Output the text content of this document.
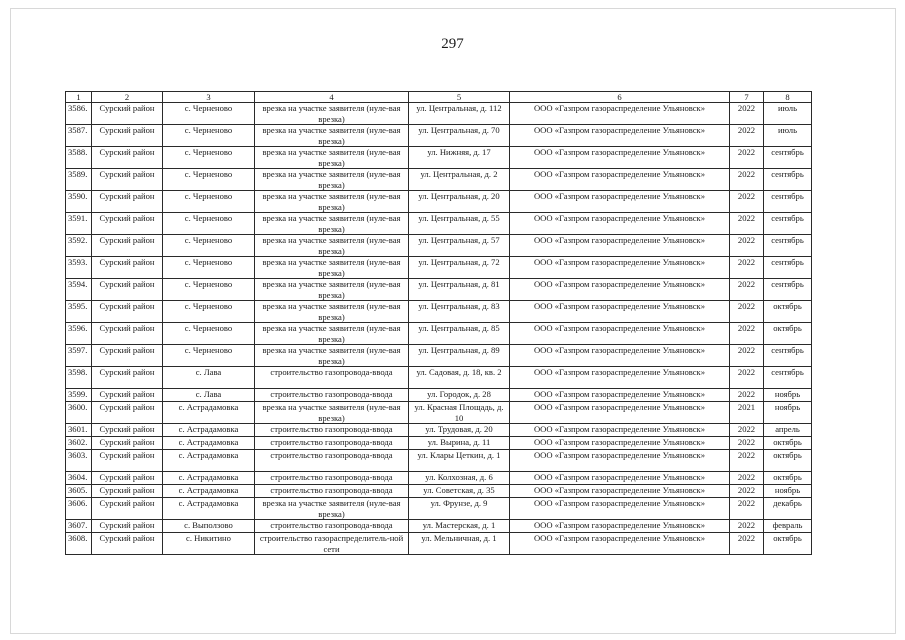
297
1	2	3	4	5	6	7	8
3586.	Сурский район	с. Черненово	врезка на участке заявителя (нуле-вая врезка)	ул. Центральная, д. 112	ООО «Газпром газораспределение Ульяновск»	2022	июль
3587.	Сурский район	с. Черненово	врезка на участке заявителя (нуле-вая врезка)	ул. Центральная, д. 70	ООО «Газпром газораспределение Ульяновск»	2022	июль
3588.	Сурский район	с. Черненово	врезка на участке заявителя (нуле-вая врезка)	ул. Нижняя, д. 17	ООО «Газпром газораспределение Ульяновск»	2022	сентябрь
3589.	Сурский район	с. Черненово	врезка на участке заявителя (нуле-вая врезка)	ул. Центральная, д. 2	ООО «Газпром газораспределение Ульяновск»	2022	сентябрь
3590.	Сурский район	с. Черненово	врезка на участке заявителя (нуле-вая врезка)	ул. Центральная, д. 20	ООО «Газпром газораспределение Ульяновск»	2022	сентябрь
3591.	Сурский район	с. Черненово	врезка на участке заявителя (нуле-вая врезка)	ул. Центральная, д. 55	ООО «Газпром газораспределение Ульяновск»	2022	сентябрь
3592.	Сурский район	с. Черненово	врезка на участке заявителя (нуле-вая врезка)	ул. Центральная, д. 57	ООО «Газпром газораспределение Ульяновск»	2022	сентябрь
3593.	Сурский район	с. Черненово	врезка на участке заявителя (нуле-вая врезка)	ул. Центральная, д. 72	ООО «Газпром газораспределение Ульяновск»	2022	сентябрь
3594.	Сурский район	с. Черненово	врезка на участке заявителя (нуле-вая врезка)	ул. Центральная, д. 81	ООО «Газпром газораспределение Ульяновск»	2022	сентябрь
3595.	Сурский район	с. Черненово	врезка на участке заявителя (нуле-вая врезка)	ул. Центральная, д. 83	ООО «Газпром газораспределение Ульяновск»	2022	октябрь
3596.	Сурский район	с. Черненово	врезка на участке заявителя (нуле-вая врезка)	ул. Центральная, д. 85	ООО «Газпром газораспределение Ульяновск»	2022	октябрь
3597.	Сурский район	с. Черненово	врезка на участке заявителя (нуле-вая врезка)	ул. Центральная, д. 89	ООО «Газпром газораспределение Ульяновск»	2022	сентябрь
3598.	Сурский район	с. Лава	строительство газопровода-ввода	ул. Садовая, д. 18, кв. 2	ООО «Газпром газораспределение Ульяновск»	2022	сентябрь
3599.	Сурский район	с. Лава	строительство газопровода-ввода	ул. Городок, д. 28	ООО «Газпром газораспределение Ульяновск»	2022	ноябрь
3600.	Сурский район	с. Астрадамовка	врезка на участке заявителя (нуле-вая врезка)	ул. Красная Площадь, д. 10	ООО «Газпром газораспределение Ульяновск»	2021	ноябрь
3601.	Сурский район	с. Астрадамовка	строительство газопровода-ввода	ул. Трудовая, д. 20	ООО «Газпром газораспределение Ульяновск»	2022	апрель
3602.	Сурский район	с. Астрадамовка	строительство газопровода-ввода	ул. Вырина, д. 11	ООО «Газпром газораспределение Ульяновск»	2022	октябрь
3603.	Сурский район	с. Астрадамовка	строительство газопровода-ввода	ул. Клары Цеткин, д. 1	ООО «Газпром газораспределение Ульяновск»	2022	октябрь
3604.	Сурский район	с. Астрадамовка	строительство газопровода-ввода	ул. Колхозная, д. 6	ООО «Газпром газораспределение Ульяновск»	2022	октябрь
3605.	Сурский район	с. Астрадамовка	строительство газопровода-ввода	ул. Советская, д. 35	ООО «Газпром газораспределение Ульяновск»	2022	ноябрь
3606.	Сурский район	с. Астрадамовка	врезка на участке заявителя (нуле-вая врезка)	ул. Фрунзе, д. 9	ООО «Газпром газораспределение Ульяновск»	2022	декабрь
3607.	Сурский район	с. Выползово	строительство газопровода-ввода	ул. Мастерская, д. 1	ООО «Газпром газораспределение Ульяновск»	2022	февраль
3608.	Сурский район	с. Никитино	строительство газораспределитель-ной сети	ул. Мельничная, д. 1	ООО «Газпром газораспределение Ульяновск»	2022	октябрь
